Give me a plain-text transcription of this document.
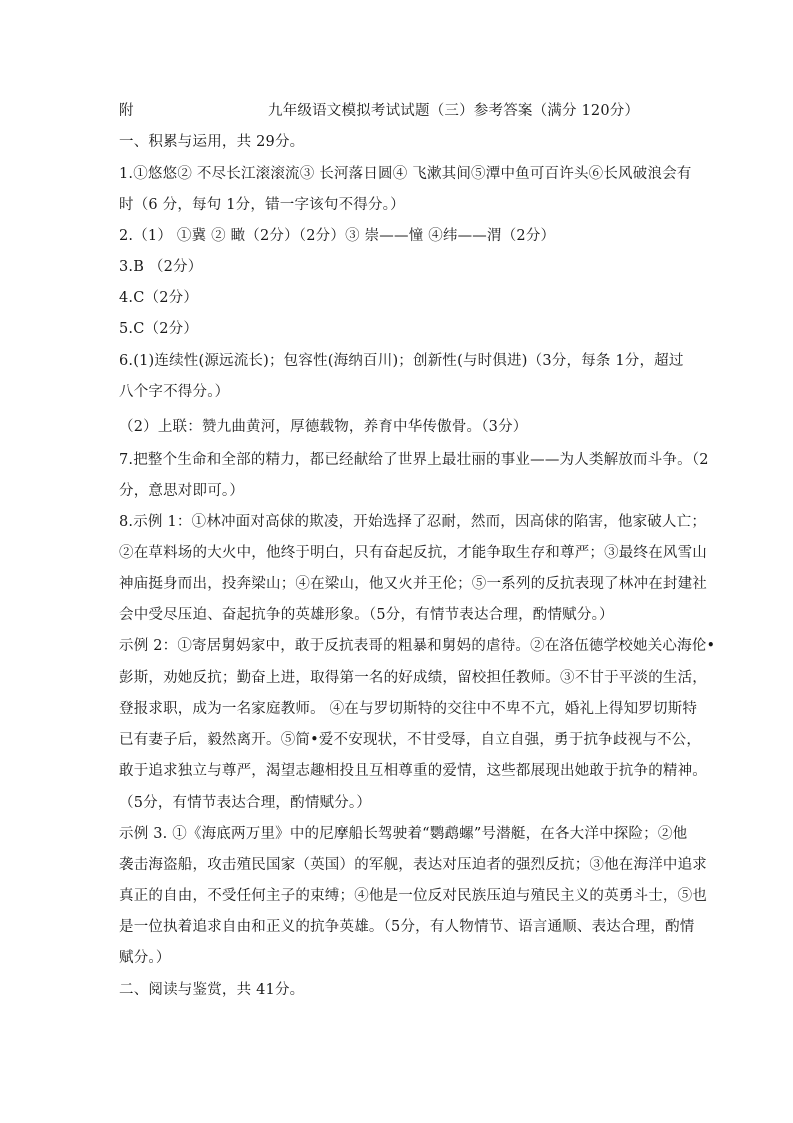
附	九年级语文模拟考试试题（三）参考答案（满分 120分）
一、积累与运用，共 29分。
1.①悠悠② 不尽长江滚滚流③ 长河落日圆④ 飞漱其间⑤潭中鱼可百许头⑥长风破浪会有
时（6 分，每句 1分，错一字该句不得分。）
2.（1） ①冀 ② 瞰（2分）（2分）③ 崇——憧 ④纬——渭（2分）
3.B （2分）
4.C（2分）
5.C（2分）
6.(1)连续性(源远流长)；包容性(海纳百川)；创新性(与时俱进)（3分，每条 1分，超过
八个字不得分。）
（2）上联：赞九曲黄河，厚德载物，养育中华传傲骨。（3分）
7.把整个生命和全部的精力，都已经献给了世界上最壮丽的事业——为人类解放而斗争。（2
分，意思对即可。）
8.示例 1：①林冲面对高俅的欺凌，开始选择了忍耐，然而，因高俅的陷害，他家破人亡；
②在草料场的大火中，他终于明白，只有奋起反抗，才能争取生存和尊严；③最终在风雪山
神庙挺身而出，投奔梁山；④在梁山，他又火并王伦；⑤一系列的反抗表现了林冲在封建社
会中受尽压迫、奋起抗争的英雄形象。（5分，有情节表达合理，酌情赋分。）
示例 2：①寄居舅妈家中，敢于反抗表哥的粗暴和舅妈的虐待。②在洛伍德学校她关心海伦•
彭斯，劝她反抗；勤奋上进，取得第一名的好成绩，留校担任教师。③不甘于平淡的生活，
登报求职，成为一名家庭教师。 ④在与罗切斯特的交往中不卑不亢，婚礼上得知罗切斯特
已有妻子后，毅然离开。⑤简•爱不安现状，不甘受辱，自立自强，勇于抗争歧视与不公，
敢于追求独立与尊严，渴望志趣相投且互相尊重的爱情，这些都展现出她敢于抗争的精神。
（5分，有情节表达合理，酌情赋分。）
示例 3. ①《海底两万里》中的尼摩船长驾驶着“鹦鹉螺”号潜艇，在各大洋中探险；②他
袭击海盗船，攻击殖民国家（英国）的军舰，表达对压迫者的强烈反抗；③他在海洋中追求
真正的自由，不受任何主子的束缚；④他是一位反对民族压迫与殖民主义的英勇斗士，⑤也
是一位执着追求自由和正义的抗争英雄。（5分，有人物情节、语言通顺、表达合理，酌情
赋分。）
二、阅读与鉴赏，共 41分。
